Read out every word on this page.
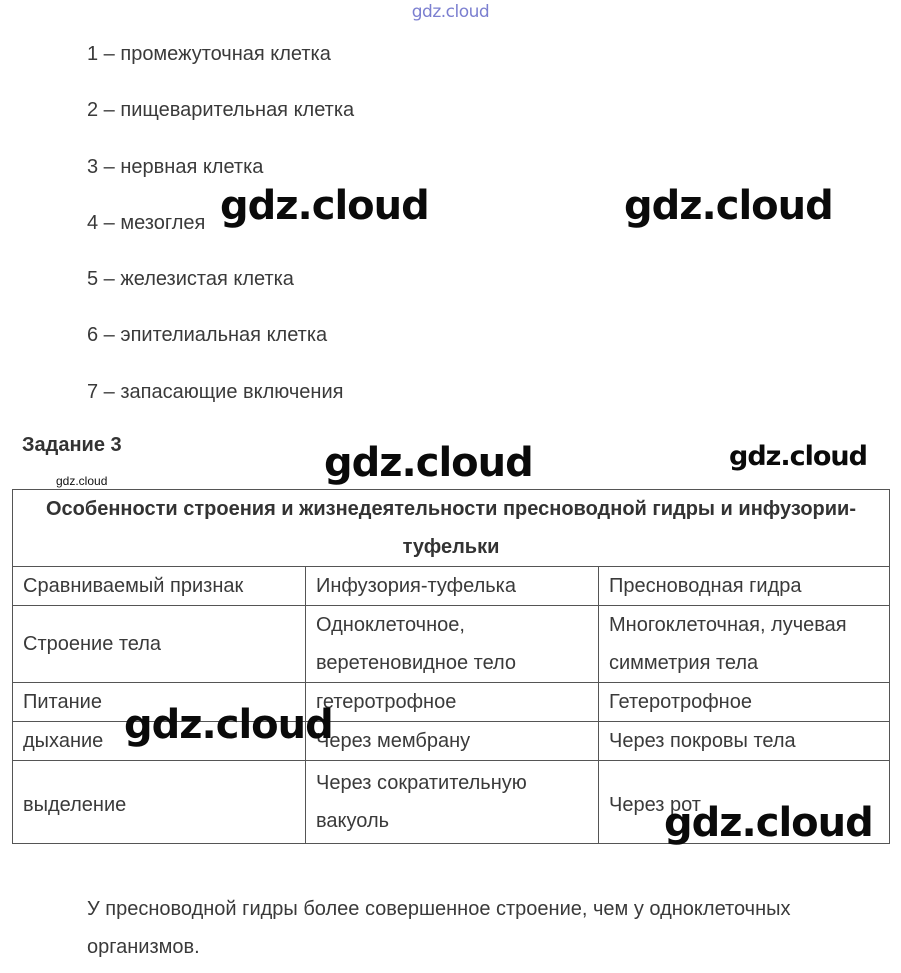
gdz.cloud
1 – промежуточная клетка
2 – пищеварительная клетка
3 – нервная клетка
4 – мезоглея
5 – железистая клетка
6 – эпителиальная клетка
7 – запасающие включения
Задание 3
gdz.cloud
Особенности строения и жизнедеятельности пресноводной гидры и инфузории-туфельки		
Сравниваемый признак	Инфузория-туфелька	Пресноводная гидра
Строение тела	Одноклеточное, веретеновидное тело	Многоклеточная, лучевая симметрия тела
Питание	гетеротрофное	Гетеротрофное
дыхание	Через мембрану	Через покровы тела
выделение	Через сократительную вакуоль	Через рот

У пресноводной гидры более совершенное строение, чем у одноклеточных организмов.

gdz.cloud	gdz.cloud
gdz.cloud	gdz.cloud
gdz.cloud
gdz.cloud
